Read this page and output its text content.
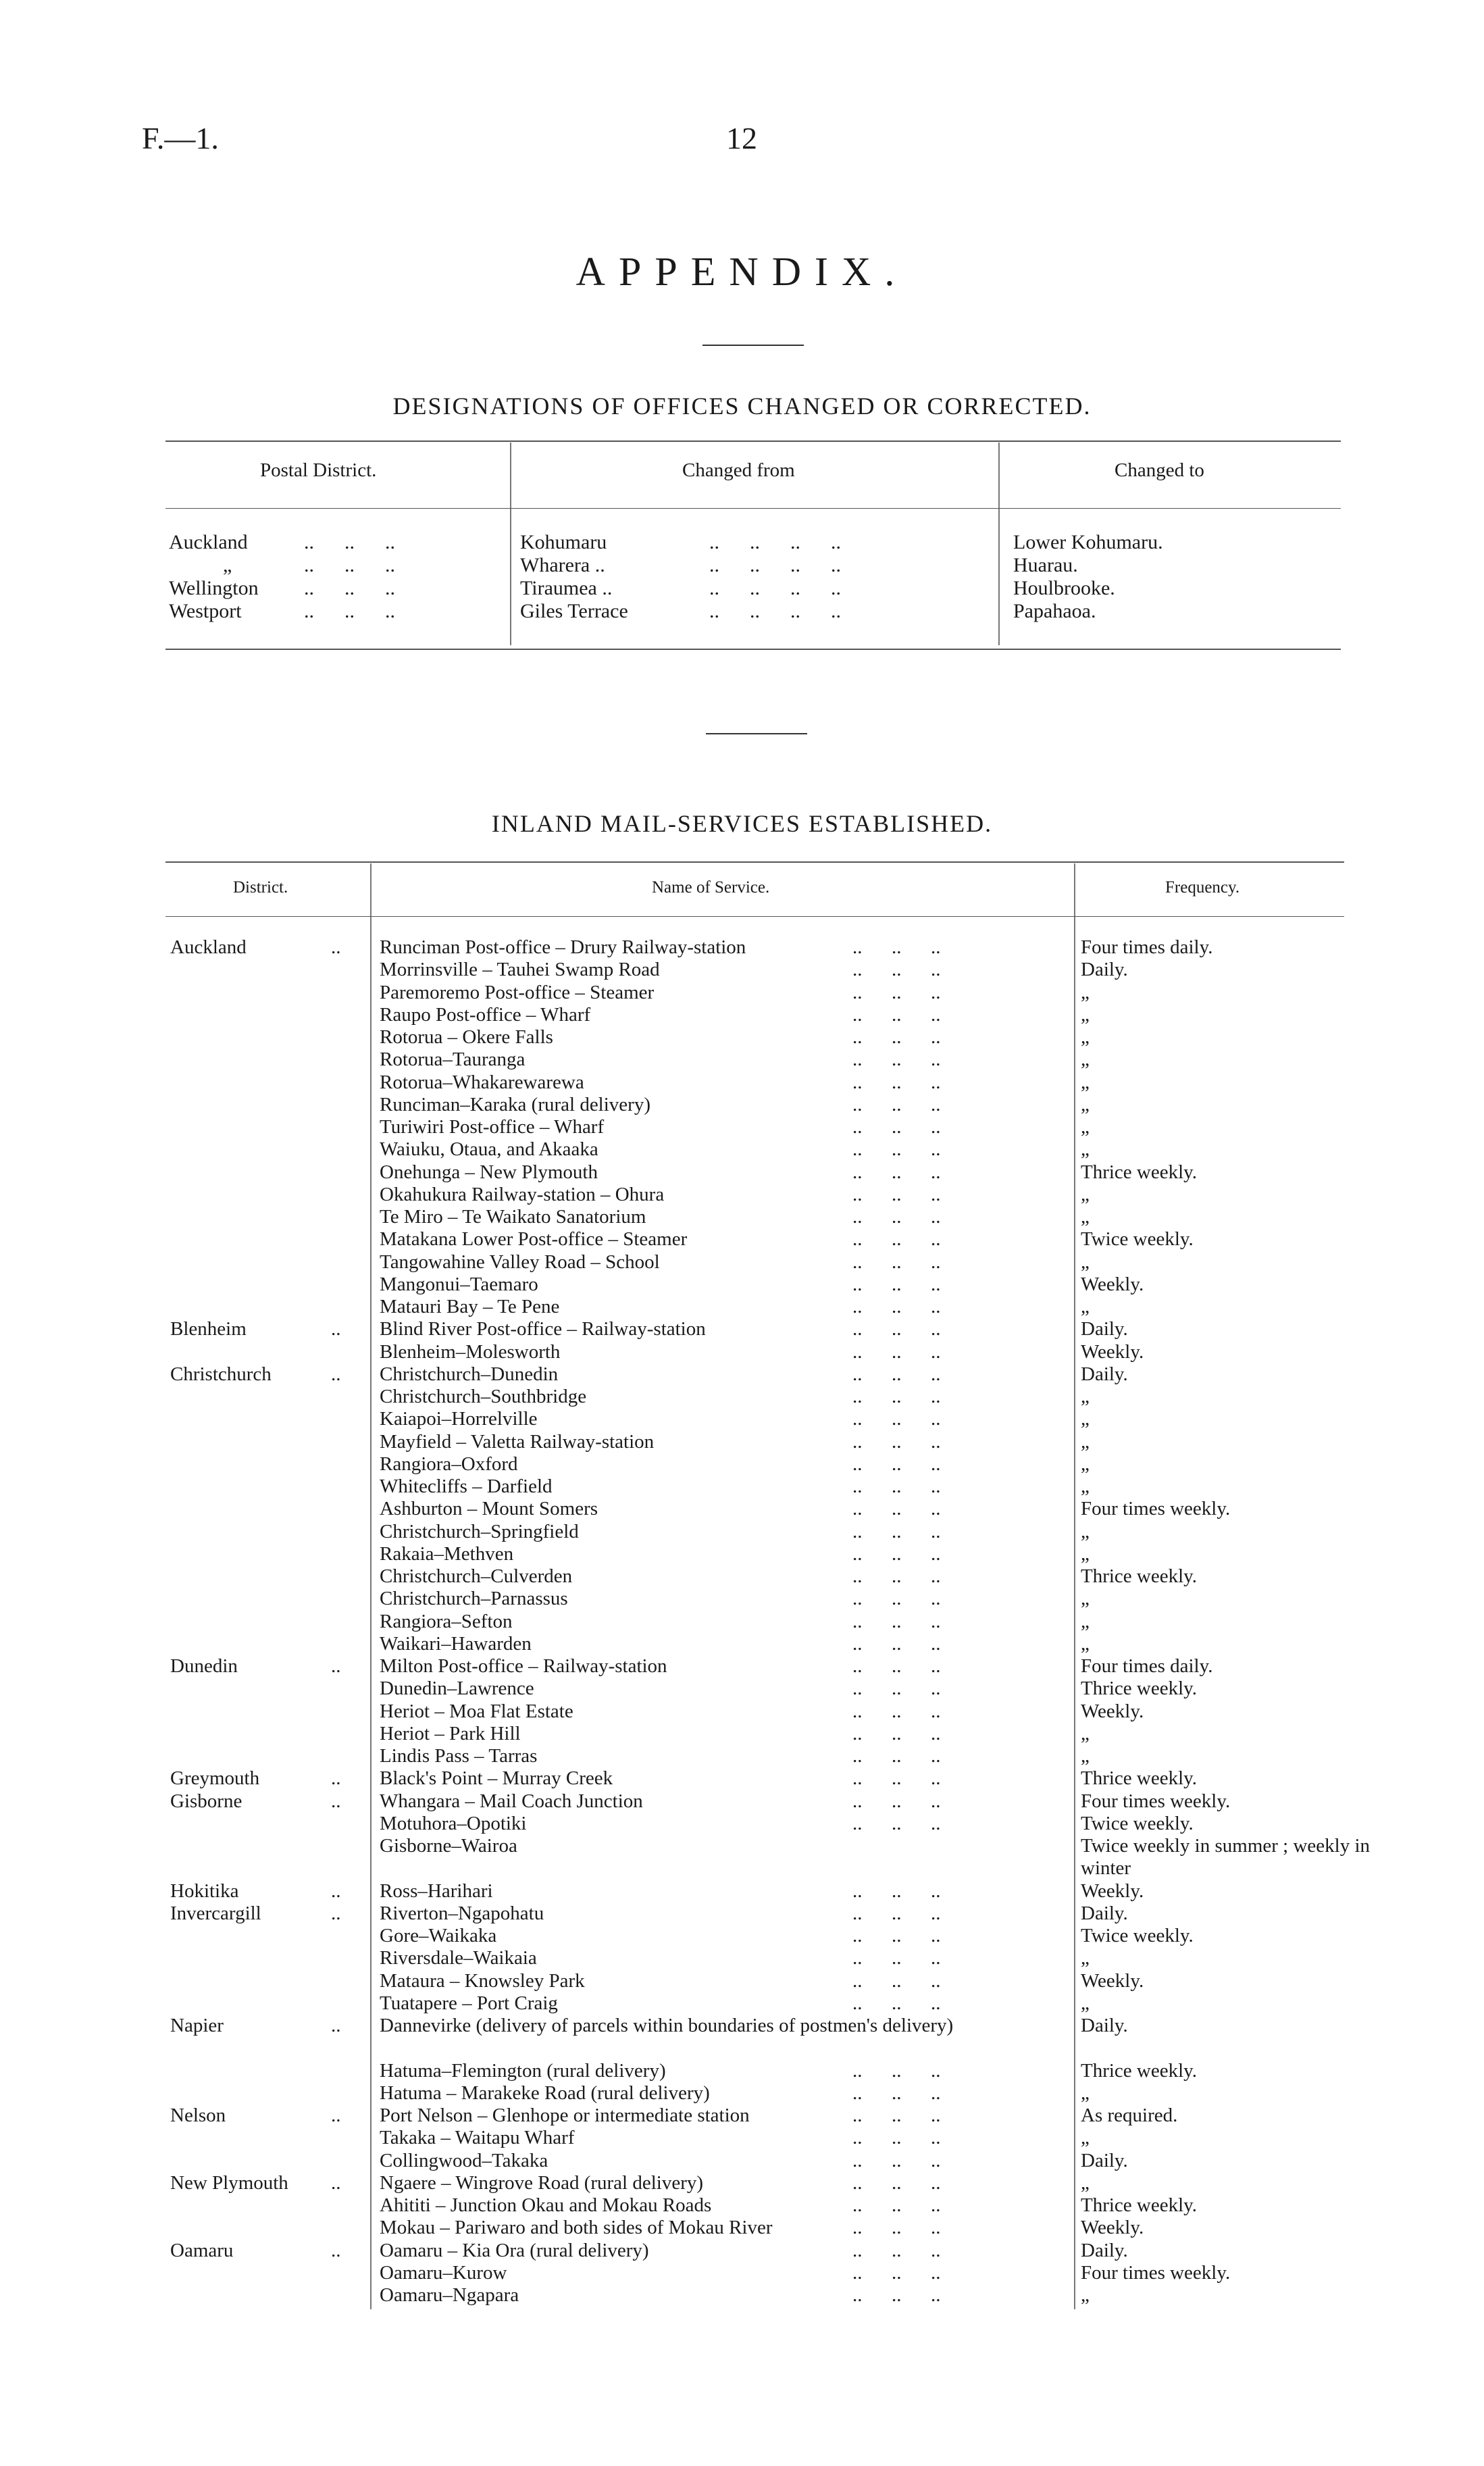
F.—1.	12
APPENDIX.
DESIGNATIONS OF OFFICES CHANGED OR CORRECTED.
Postal District.	Changed from	Changed to
Auckland	..      ..      ..	Kohumaru	..      ..      ..      ..	Lower Kohumaru.
„	..      ..      ..	Wharera ..	..      ..      ..      ..	Huarau.
Wellington ..      ..      ..	Tiraumea ..	..      ..      ..      ..	Houlbrooke.
Westport	..      ..      ..	Giles Terrace	..      ..      ..      ..	Papahaoa.
INLAND MAIL-SERVICES ESTABLISHED.
District.	Name of Service.	Frequency.
Auckland	.. Runciman Post-office – Drury Railway-station	..      ..      ..	Four times daily.
Morrinsville – Tauhei Swamp Road	..      ..      ..	Daily.
Paremoremo Post-office – Steamer	..      ..      ..	„
Raupo Post-office – Wharf	..      ..      ..	„
Rotorua – Okere Falls	..      ..      ..	„
Rotorua–Tauranga	..      ..      ..	„
Rotorua–Whakarewarewa	..      ..      ..	„
Runciman–Karaka (rural delivery)	..      ..      ..	„
Turiwiri Post-office – Wharf	..      ..      ..	„
Waiuku, Otaua, and Akaaka	..      ..      ..	„
Onehunga – New Plymouth	..      ..      ..	Thrice weekly.
Okahukura Railway-station – Ohura	..      ..      ..	„
Te Miro – Te Waikato Sanatorium	..      ..      ..	„
Matakana Lower Post-office – Steamer	..      ..      ..	Twice weekly.
Tangowahine Valley Road – School	..      ..      ..	„
Mangonui–Taemaro	..      ..      ..	Weekly.
Matauri Bay – Te Pene	..      ..      ..	„
Blenheim	.. Blind River Post-office – Railway-station	..      ..      ..	Daily.
Blenheim–Molesworth	..      ..      ..	Weekly.
Christchurch	.. Christchurch–Dunedin	..      ..      ..	Daily.
Christchurch–Southbridge	..      ..      ..	„
Kaiapoi–Horrelville	..      ..      ..	„
Mayfield – Valetta Railway-station	..      ..      ..	„
Rangiora–Oxford	..      ..      ..	„
Whitecliffs – Darfield	..      ..      ..	„
Ashburton – Mount Somers	..      ..      ..	Four times weekly.
Christchurch–Springfield	..      ..      ..	„
Rakaia–Methven	..      ..      ..	„
Christchurch–Culverden	..      ..      ..	Thrice weekly.
Christchurch–Parnassus	..      ..      ..	„
Rangiora–Sefton	..      ..      ..	„
Waikari–Hawarden	..      ..      ..	„
Dunedin	.. Milton Post-office – Railway-station	..      ..      ..	Four times daily.
Dunedin–Lawrence	..      ..      ..	Thrice weekly.
Heriot – Moa Flat Estate	..      ..      ..	Weekly.
Heriot – Park Hill	..      ..      ..	„
Lindis Pass – Tarras	..      ..      ..	„
Greymouth	.. Black's Point – Murray Creek	..      ..      ..	Thrice weekly.
Gisborne	.. Whangara – Mail Coach Junction	..      ..      ..	Four times weekly.
Motuhora–Opotiki	..      ..      ..	Twice weekly.
Gisborne–Wairoa	Twice weekly in summer ; weekly in winter
Hokitika	.. Ross–Harihari	..      ..      ..	Weekly.
Invercargill	.. Riverton–Ngapohatu	..      ..      ..	Daily.
Gore–Waikaka	..      ..      ..	Twice weekly.
Riversdale–Waikaia	..      ..      ..	„
Mataura – Knowsley Park	..      ..      ..	Weekly.
Tuatapere – Port Craig	..      ..      ..	„
Napier	.. Dannevirke (delivery of parcels within boundaries of postmen's delivery)	Daily.
Hatuma–Flemington (rural delivery)	..      ..      ..	Thrice weekly.
Hatuma – Marakeke Road (rural delivery)	..      ..      ..	„
Nelson	.. Port Nelson – Glenhope or intermediate station	..      ..      ..	As required.
Takaka – Waitapu Wharf	..      ..      ..	„
Collingwood–Takaka	..      ..      ..	Daily.
New Plymouth .. Ngaere – Wingrove Road (rural delivery)	..      ..      ..	„
Ahititi – Junction Okau and Mokau Roads	..      ..      ..	Thrice weekly.
Mokau – Pariwaro and both sides of Mokau River	..      ..      ..	Weekly.
Oamaru	.. Oamaru – Kia Ora (rural delivery)	..      ..      ..	Daily.
Oamaru–Kurow	..      ..      ..	Four times weekly.
Oamaru–Ngapara	..      ..      ..	„
